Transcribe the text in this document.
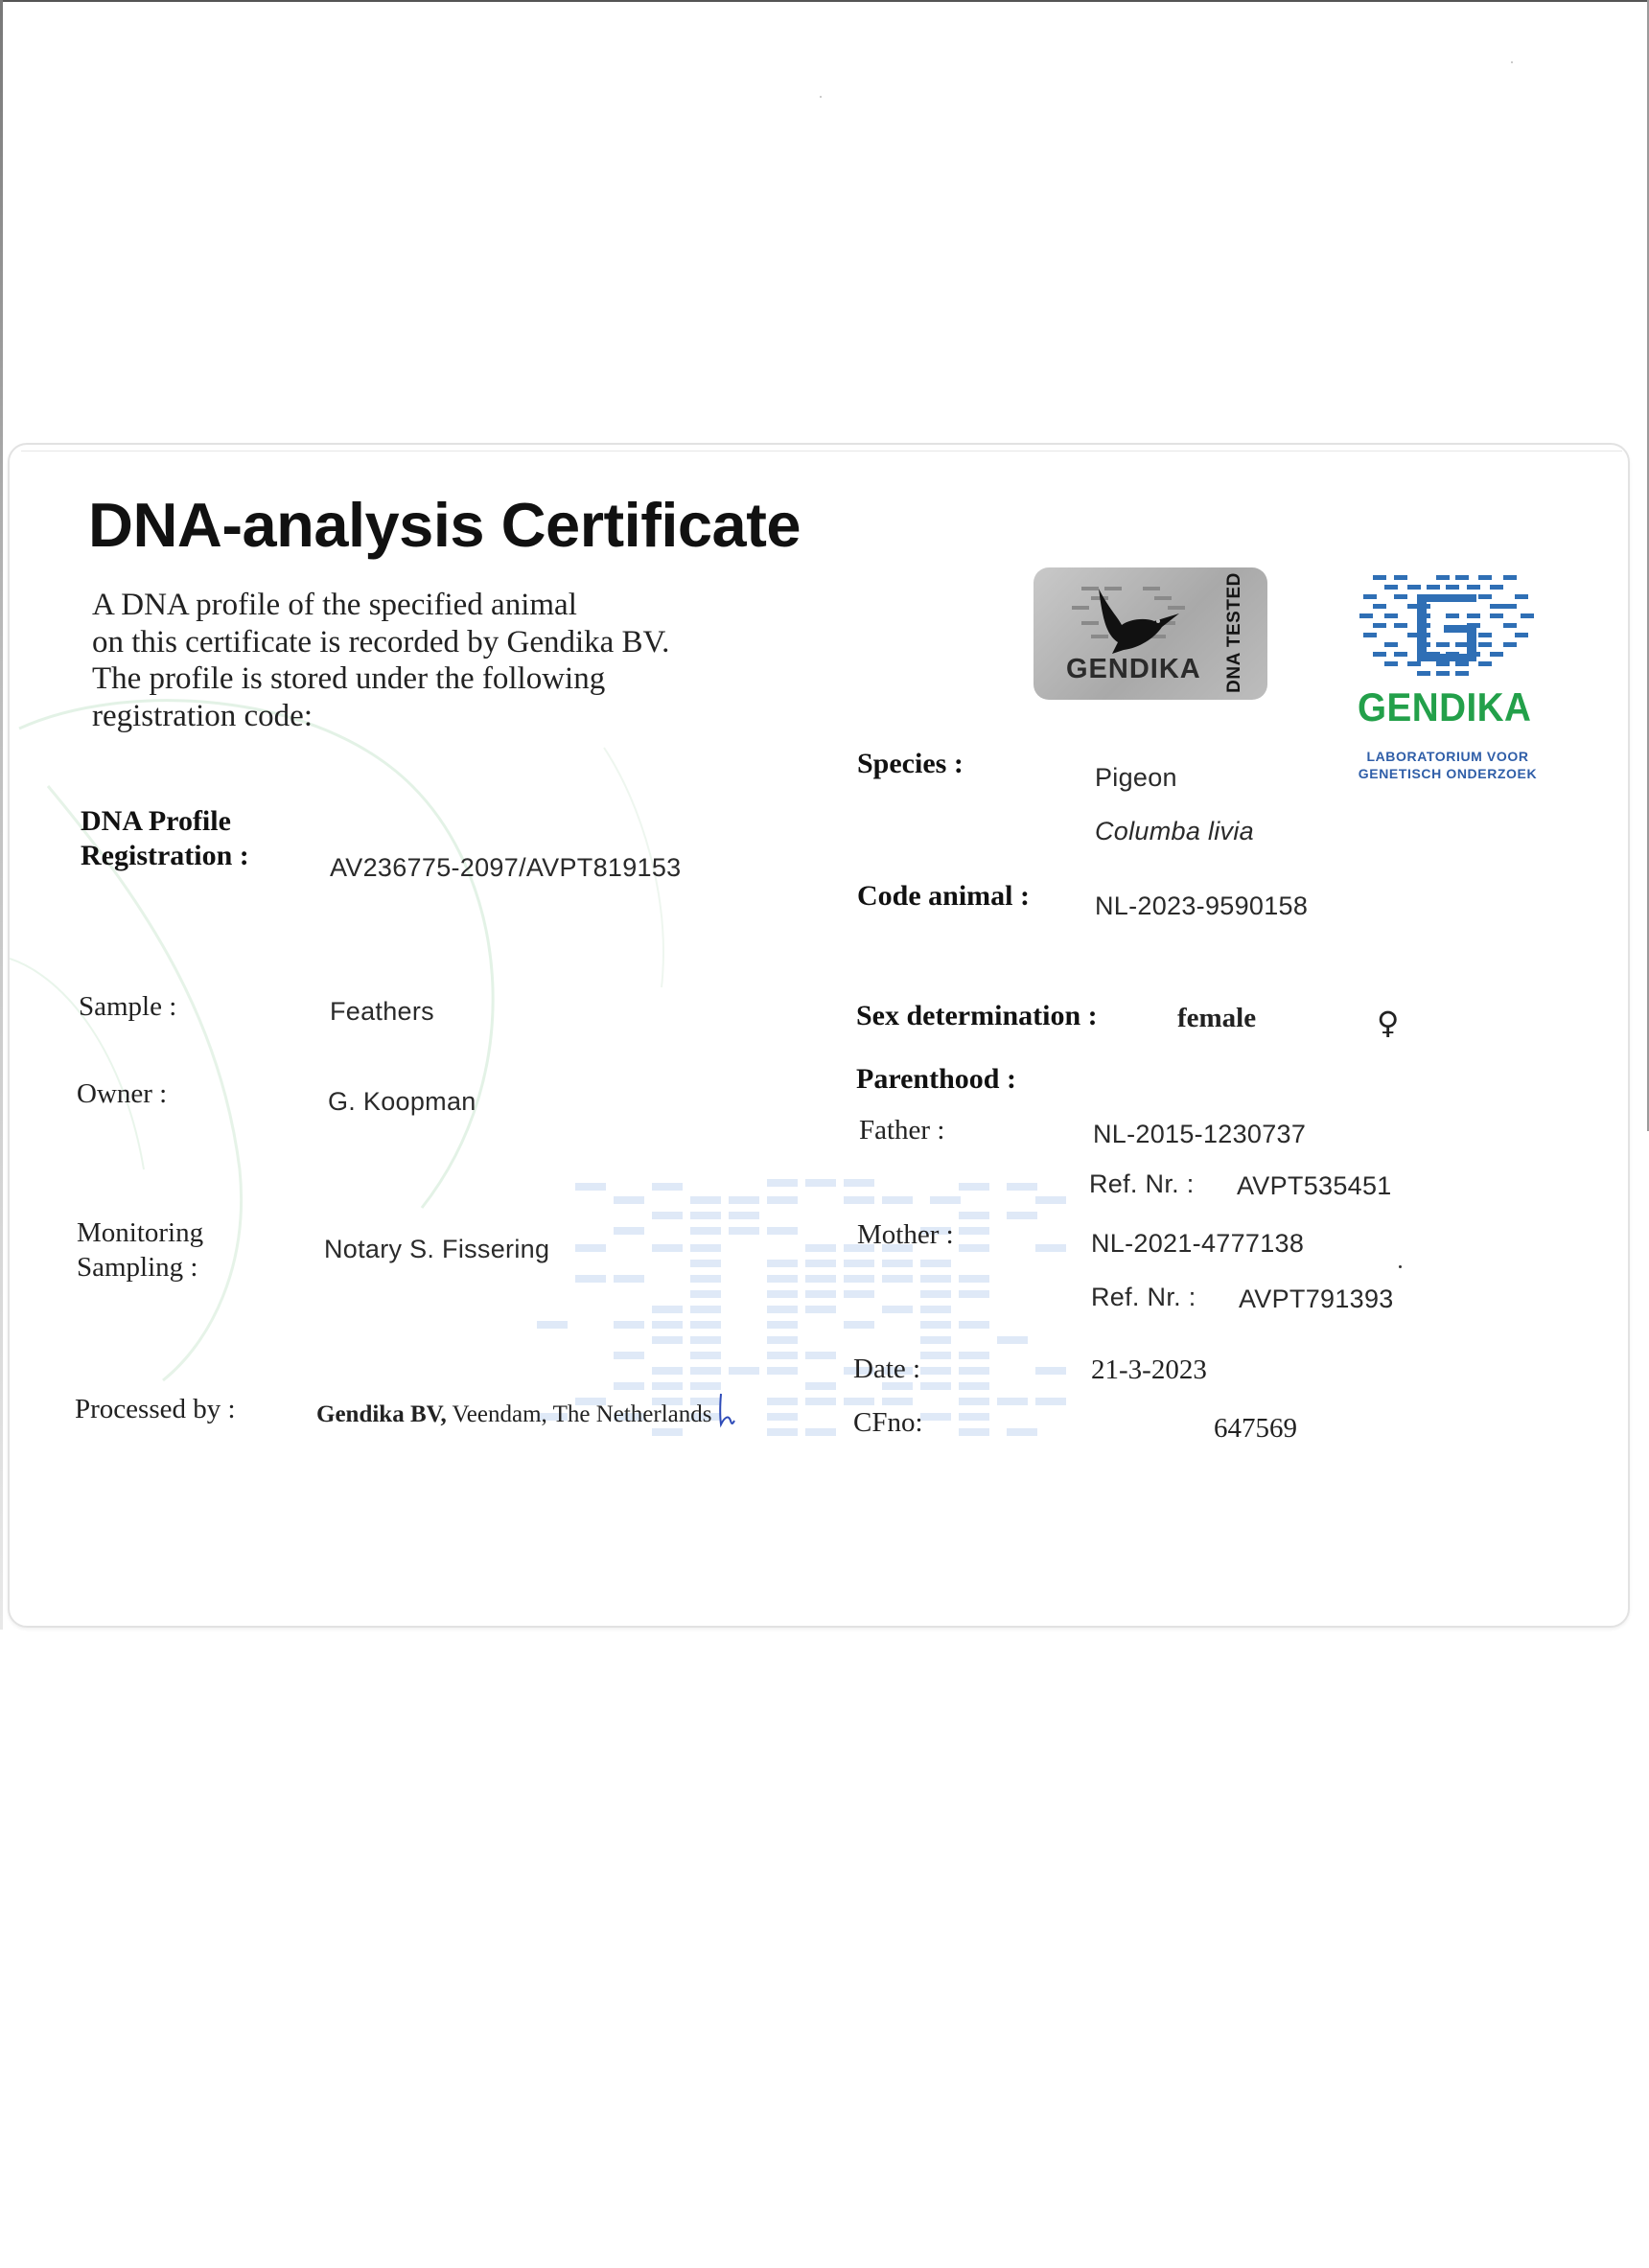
DNA-analysis Certificate
A DNA profile of the specified animal
on this certificate is recorded by Gendika BV.
The profile is stored under the following
registration code:
GENDIKA DNA TESTED
GENDIKA
LABORATORIUM VOOR
GENETISCH ONDERZOEK
DNA Profile
Registration :	AV236775-2097/AVPT819153
Sample :	Feathers
Owner :	G. Koopman
Monitoring
Sampling :
Notary S. Fissering
Processed by :	Gendika BV, Veendam, The Netherlands
Species :	Pigeon
Columba livia
Code animal :	NL-2023-9590158
Sex determination :	female	♀
Parenthood :
Father :	NL-2015-1230737
Ref. Nr. : AVPT535451
Mother :	NL-2021-4777138
Ref. Nr. : AVPT791393
Date :	21-3-2023
CFno:	647569
